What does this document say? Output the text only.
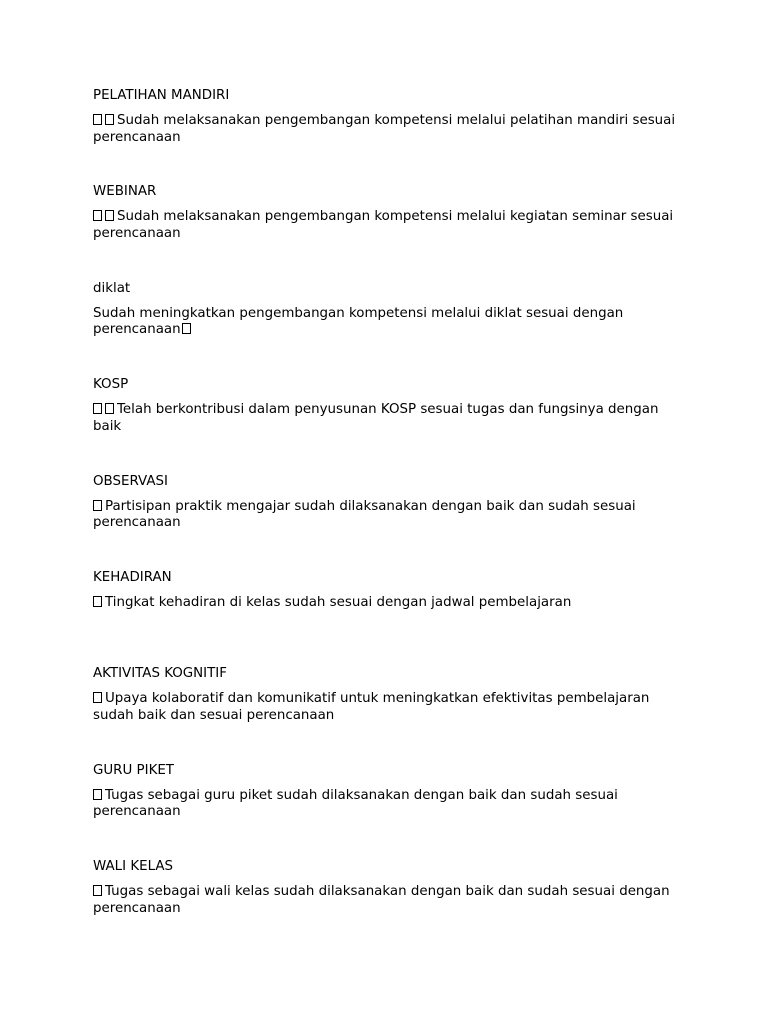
PELATIHAN MANDIRI

Sudah melaksanakan pengembangan kompetensi melalui pelatihan mandiri sesuai perencanaan

WEBINAR

Sudah melaksanakan pengembangan kompetensi melalui kegiatan seminar sesuai perencanaan

diklat

Sudah meningkatkan pengembangan kompetensi melalui diklat sesuai dengan perencanaan

KOSP

Telah berkontribusi dalam penyusunan KOSP sesuai tugas dan fungsinya dengan baik

OBSERVASI

Partisipan praktik mengajar sudah dilaksanakan dengan baik dan sudah sesuai perencanaan

KEHADIRAN

Tingkat kehadiran di kelas sudah sesuai dengan jadwal pembelajaran

AKTIVITAS KOGNITIF

Upaya kolaboratif dan komunikatif untuk meningkatkan efektivitas pembelajaran sudah baik dan sesuai perencanaan

GURU PIKET

Tugas sebagai guru piket sudah dilaksanakan dengan baik dan sudah sesuai perencanaan

WALI KELAS

Tugas sebagai wali kelas sudah dilaksanakan dengan baik dan sudah sesuai dengan perencanaan
